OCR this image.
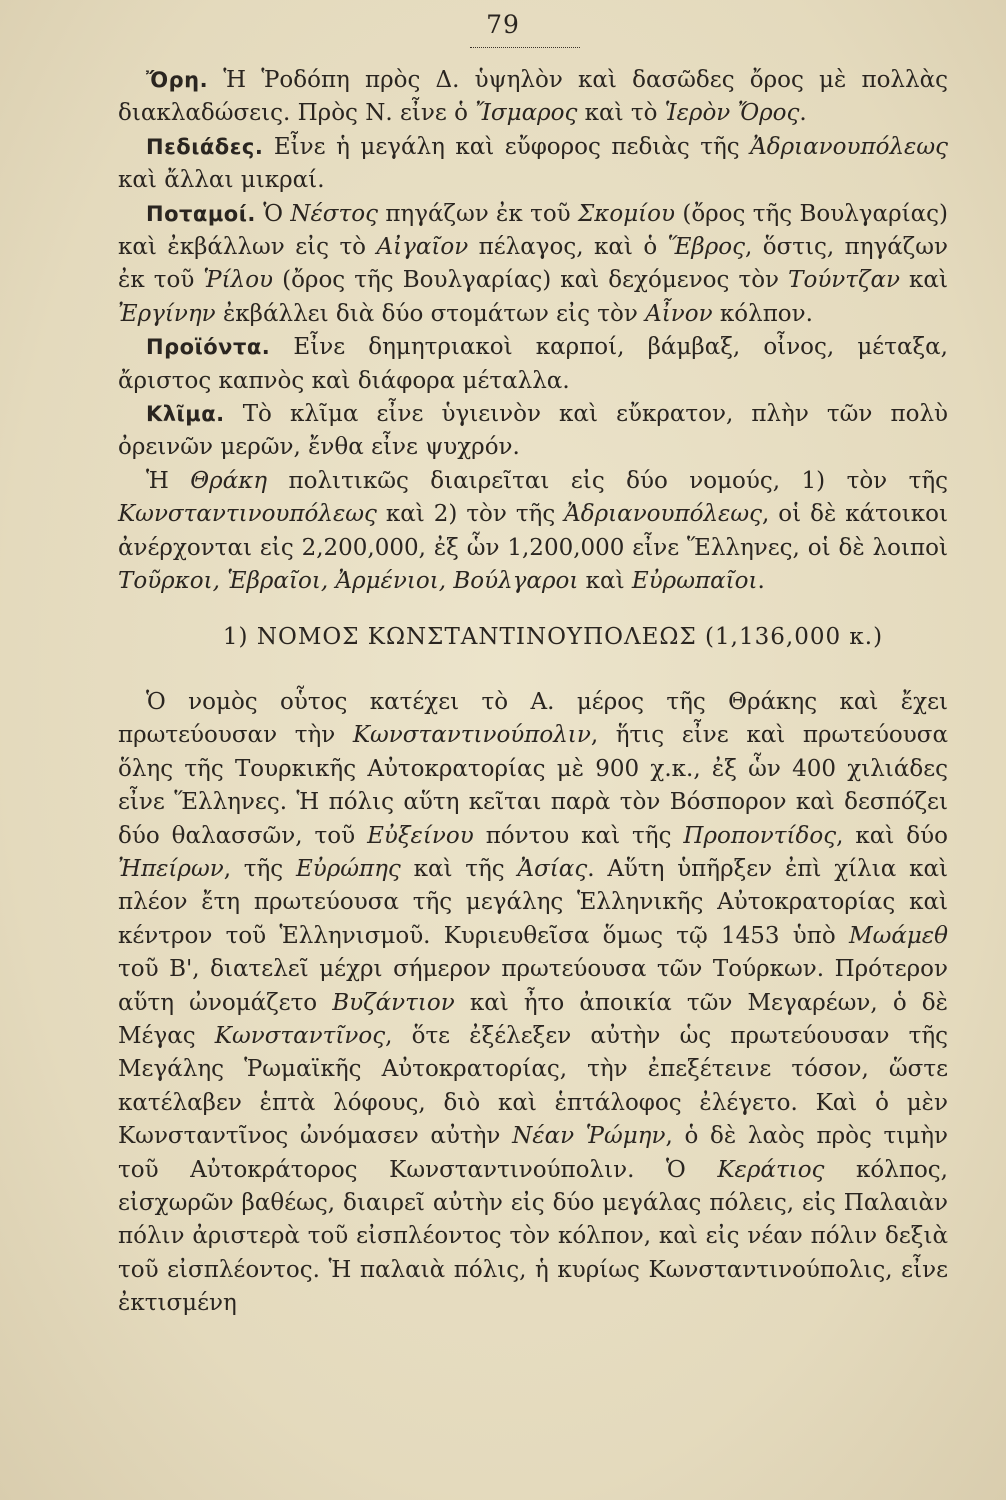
79

Ὄρη. Ἡ Ῥοδόπη πρὸς Δ. ὑψηλὸν καὶ δασῶδες ὄρος μὲ πολλὰς διακλαδώσεις. Πρὸς Ν. εἶνε ὁ Ἴσμαρος καὶ τὸ Ἱερὸν Ὄρος.

Πεδιάδες. Εἶνε ἡ μεγάλη καὶ εὔφορος πεδιὰς τῆς Ἀδριανουπόλεως καὶ ἄλλαι μικραί.

Ποταμοί. Ὁ Νέστος πηγάζων ἐκ τοῦ Σκομίου (ὄρος τῆς Βουλγαρίας) καὶ ἐκβάλλων εἰς τὸ Αἰγαῖον πέλαγος, καὶ ὁ Ἕβρος, ὅστις, πηγάζων ἐκ τοῦ Ῥίλου (ὄρος τῆς Βουλγαρίας) καὶ δεχόμενος τὸν Τούντζαν καὶ Ἐργίνην ἐκβάλλει διὰ δύο στομάτων εἰς τὸν Αἶνον κόλπον.

Προϊόντα. Εἶνε δημητριακοὶ καρποί, βάμβαξ, οἶνος, μέταξα, ἄριστος καπνὸς καὶ διάφορα μέταλλα.

Κλῖμα. Τὸ κλῖμα εἶνε ὑγιεινὸν καὶ εὔκρατον, πλὴν τῶν πολὺ ὀρεινῶν μερῶν, ἔνθα εἶνε ψυχρόν.

Ἡ Θράκη πολιτικῶς διαιρεῖται εἰς δύο νομούς, 1) τὸν τῆς Κωνσταντινουπόλεως καὶ 2) τὸν τῆς Ἀδριανουπόλεως, οἱ δὲ κάτοικοι ἀνέρχονται εἰς 2,200,000, ἐξ ὧν 1,200,000 εἶνε Ἕλληνες, οἱ δὲ λοιποὶ Τοῦρκοι, Ἑβραῖοι, Ἀρμένιοι, Βούλγαροι καὶ Εὐρωπαῖοι.

1) ΝΟΜΟΣ ΚΩΝΣΤΑΝΤΙΝΟΥΠΟΛΕΩΣ (1,136,000 κ.)

Ὁ νομὸς οὗτος κατέχει τὸ Α. μέρος τῆς Θράκης καὶ ἔχει πρωτεύουσαν τὴν Κωνσταντινούπολιν, ἥτις εἶνε καὶ πρωτεύουσα ὅλης τῆς Τουρκικῆς Αὐτοκρατορίας μὲ 900 χ.κ., ἐξ ὧν 400 χιλιάδες εἶνε Ἕλληνες. Ἡ πόλις αὕτη κεῖται παρὰ τὸν Βόσπορον καὶ δεσπόζει δύο θαλασσῶν, τοῦ Εὐξείνου πόντου καὶ τῆς Προποντίδος, καὶ δύο Ἠπείρων, τῆς Εὐρώπης καὶ τῆς Ἀσίας. Αὕτη ὑπῆρξεν ἐπὶ χίλια καὶ πλέον ἔτη πρωτεύουσα τῆς μεγάλης Ἑλληνικῆς Αὐτοκρατορίας καὶ κέντρον τοῦ Ἑλληνισμοῦ. Κυριευθεῖσα ὅμως τῷ 1453 ὑπὸ Μωάμεθ τοῦ Β', διατελεῖ μέχρι σήμερον πρωτεύουσα τῶν Τούρκων. Πρότερον αὕτη ὠνομάζετο Βυζάντιον καὶ ἦτο ἀποικία τῶν Μεγαρέων, ὁ δὲ Μέγας Κωνσταντῖνος, ὅτε ἐξέλεξεν αὐτὴν ὡς πρωτεύουσαν τῆς Μεγάλης Ῥωμαϊκῆς Αὐτοκρατορίας, τὴν ἐπεξέτεινε τόσον, ὥστε κατέλαβεν ἑπτὰ λόφους, διὸ καὶ ἑπτάλοφος ἐλέγετο. Καὶ ὁ μὲν Κωνσταντῖνος ὠνόμασεν αὐτὴν Νέαν Ῥώμην, ὁ δὲ λαὸς πρὸς τιμὴν τοῦ Αὐτοκράτορος Κωνσταντινούπολιν. Ὁ Κεράτιος κόλπος, εἰσχωρῶν βαθέως, διαιρεῖ αὐτὴν εἰς δύο μεγάλας πόλεις, εἰς Παλαιὰν πόλιν ἀριστερὰ τοῦ εἰσπλέοντος τὸν κόλπον, καὶ εἰς νέαν πόλιν δεξιὰ τοῦ εἰσπλέοντος. Ἡ παλαιὰ πόλις, ἡ κυρίως Κωνσταντινούπολις, εἶνε ἐκτισμένη
